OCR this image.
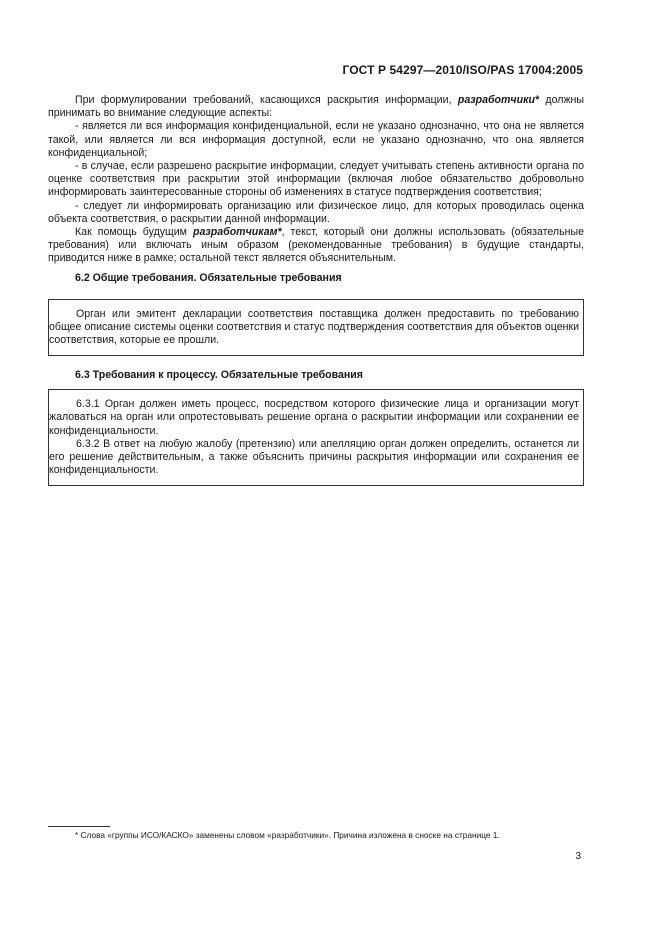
ГОСТ Р 54297—2010/ISO/PAS 17004:2005

При формулировании требований, касающихся раскрытия информации, разработчики* должны принимать во внимание следующие аспекты:

- является ли вся информация конфиденциальной, если не указано однозначно, что она не является такой, или является ли вся информация доступной, если не указано однозначно, что она является конфиденциальной;

- в случае, если разрешено раскрытие информации, следует учитывать степень активности органа по оценке соответствия при раскрытии этой информации (включая любое обязательство добровольно информировать заинтересованные стороны об изменениях в статусе подтверждения соответствия;

- следует ли информировать организацию или физическое лицо, для которых проводилась оценка объекта соответствия, о раскрытии данной информации.

Как помощь будущим разработчикам*, текст, который они должны использовать (обязательные требования) или включать иным образом (рекомендованные требования) в будущие стандарты, приводится ниже в рамке; остальной текст является объяснительным.

6.2 Общие требования. Обязательные требования

Орган или эмитент декларации соответствия поставщика должен предоставить по требованию общее описание системы оценки соответствия и статус подтверждения соответствия для объектов оценки соответствия, которые ее прошли.

6.3 Требования к процессу. Обязательные требования

6.3.1 Орган должен иметь процесс, посредством которого физические лица и организации могут жаловаться на орган или опротестовывать решение органа о раскрытии информации или сохранении ее конфиденциальности.

6.3.2 В ответ на любую жалобу (претензию) или апелляцию орган должен определить, останется ли его решение действительным, а также объяснить причины раскрытия информации или сохранения ее конфиденциальности.

* Слова «группы ИСО/КАСКО» заменены словом «разработчики». Причина изложена в сноске на странице 1.
3
